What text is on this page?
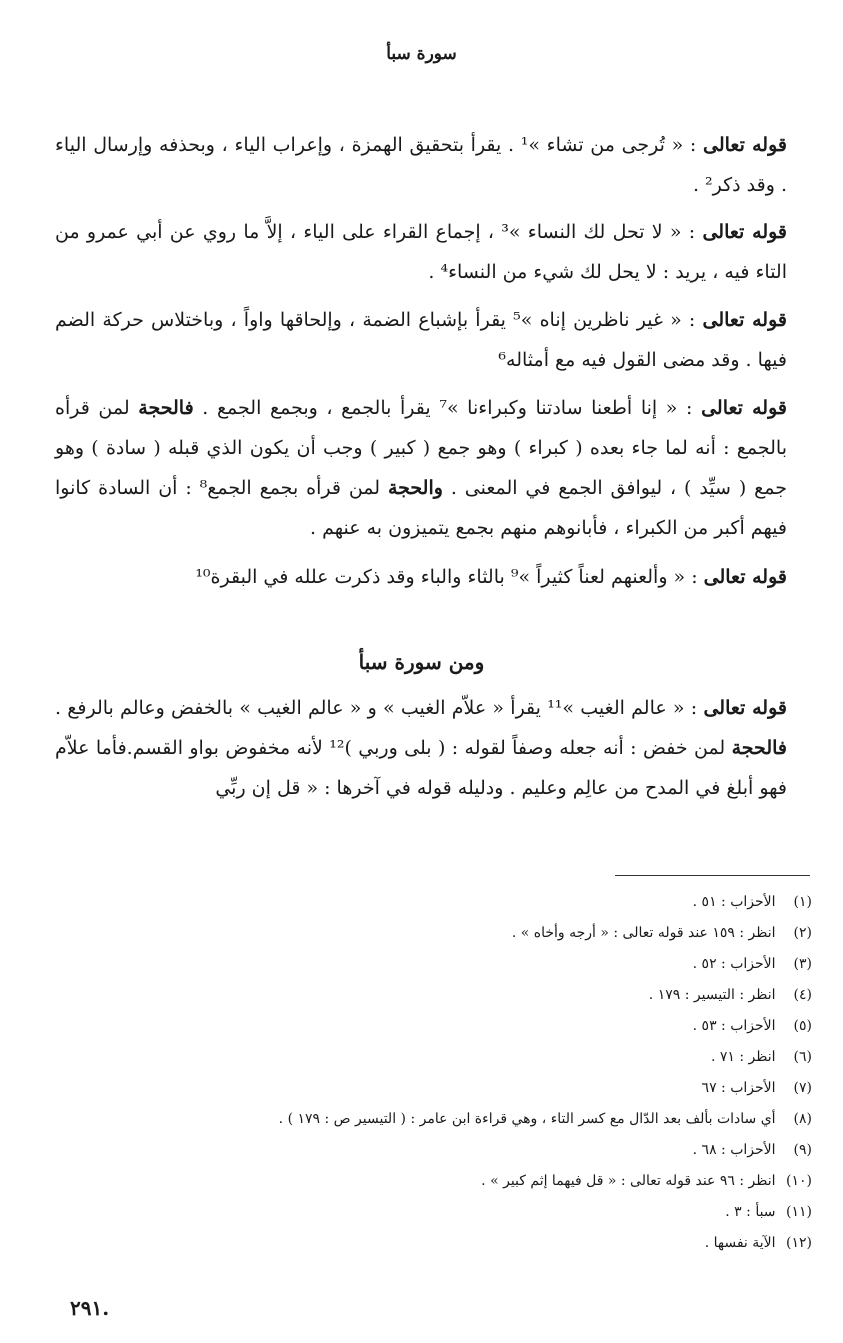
سورة سبأ
قوله تعالى : « تُرجى من تشاء »¹ . يقرأ بتحقيق الهمزة ، وإعراب الياء ، وبحذفه وإرسال الياء . وقد ذكر² .
قوله تعالى : « لا تحل لك النساء »³ ، إجماع القراء على الياء ، إلاَّ ما روي عن أبي عمرو من التاء فيه ، يريد : لا يحل لك شيء من النساء⁴ .
قوله تعالى : « غير ناظرين إناه »⁵ يقرأ بإشباع الضمة ، وإلحاقها واواً ، وباختلاس حركة الضم فيها . وقد مضى القول فيه مع أمثاله⁶
قوله تعالى : « إنا أطعنا سادتنا وكبراءنا »⁷ يقرأ بالجمع ، وبجمع الجمع . فالحجة لمن قرأه بالجمع : أنه لما جاء بعده ( كبراء ) وهو جمع ( كبير ) وجب أن يكون الذي قبله ( سادة ) وهو جمع ( سيِّد ) ، ليوافق الجمع في المعنى . والحجة لمن قرأه بجمع الجمع⁸ : أن السادة كانوا فيهم أكبر من الكبراء ، فأبانوهم منهم بجمع يتميزون به عنهم .
قوله تعالى : « وألعنهم لعناً كثيراً »⁹ بالثاء والباء وقد ذكرت علله في البقرة¹⁰
ومن سورة سبأ
قوله تعالى : « عالم الغيب »¹¹ يقرأ « علاّم الغيب » و « عالم الغيب » بالخفض وعالم بالرفع . فالحجة لمن خفض : أنه جعله وصفاً لقوله : ( بلى وربي )¹² لأنه مخفوض بواو القسم.فأما علاّم فهو أبلغ في المدح من عالِم وعليم . ودليله قوله في آخرها : « قل إن ربِّي
(١) الأحزاب : ٥١ .
(٢) انظر : ١٥٩ عند قوله تعالى : « أرجه وأخاه » .
(٣) الأحزاب : ٥٢ .
(٤) انظر : التيسير : ١٧٩ .
(٥) الأحزاب : ٥٣ .
(٦) انظر : ٧١ .
(٧) الأحزاب : ٦٧
(٨) أي سادات بألف بعد الدّال مع كسر التاء ، وهي قراءة ابن عامر : ( التيسير ص : ١٧٩ ) .
(٩) الأحزاب : ٦٨ .
(١٠) انظر : ٩٦ عند قوله تعالى : « قل فيهما إثم كبير » .
(١١) سبأ : ٣ .
(١٢) الآية نفسها .
٢٩١.
